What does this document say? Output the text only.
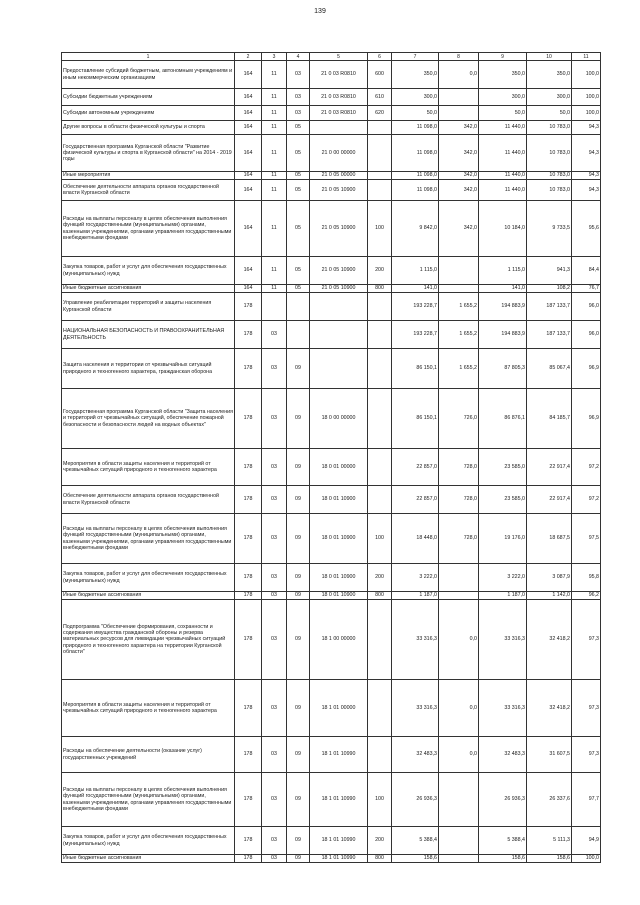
139
1	2	3	4	5	6	7	8	9	10	11
Предоставление субсидий бюджетным, автономным учреждениям и иным некоммерческим организациям	164	11	03	21 0 03 R0810	600	350,0	0,0	350,0	350,0	100,0
Субсидии бюджетным учреждениям	164	11	03	21 0 03 R0810	610	300,0		300,0	300,0	100,0
Субсидии автономным учреждениям	164	11	03	21 0 03 R0810	620	50,0		50,0	50,0	100,0
Другие вопросы в области физической культуры и спорта	164	11	05			11 098,0	342,0	11 440,0	10 783,0	94,3
Государственная программа Курганской области "Развитие физической культуры и спорта в Курганской области" на 2014 - 2019 годы	164	11	05	21 0 00 00000		11 098,0	342,0	11 440,0	10 783,0	94,3
Иные мероприятия	164	11	05	21 0 05 00000		11 098,0	342,0	11 440,0	10 783,0	94,3
Обеспечение деятельности аппарата органов государственной власти Курганской области	164	11	05	21 0 05 10900		11 098,0	342,0	11 440,0	10 783,0	94,3
Расходы на выплаты персоналу в целях обеспечения выполнения функций государственными (муниципальными) органами, казенными учреждениями, органами управления государственными внебюджетными фондами	164	11	05	21 0 05 10900	100	9 842,0	342,0	10 184,0	9 733,5	95,6
Закупка товаров, работ и услуг для обеспечения государственных (муниципальных) нужд	164	11	05	21 0 05 10900	200	1 115,0		1 115,0	941,3	84,4
Иные бюджетные ассигнования	164	11	05	21 0 05 10900	800	141,0		141,0	108,2	76,7
Управление реабилитации территорий и защиты населения Курганской области	178					193 228,7	1 655,2	194 883,9	187 133,7	96,0
НАЦИОНАЛЬНАЯ БЕЗОПАСНОСТЬ И ПРАВООХРАНИТЕЛЬНАЯ ДЕЯТЕЛЬНОСТЬ	178	03				193 228,7	1 655,2	194 883,9	187 133,7	96,0
Защита населения и территории от чрезвычайных ситуаций природного и техногенного характера, гражданская оборона	178	03	09			86 150,1	1 655,2	87 805,3	85 067,4	96,9
Государственная программа Курганской области "Защита населения и территорий от чрезвычайных ситуаций, обеспечение пожарной безопасности и безопасности людей на водных объектах"	178	03	09	18 0 00 00000		86 150,1	726,0	86 876,1	84 185,7	96,9
Мероприятия в области защиты населения и территорий от чрезвычайных ситуаций природного и техногенного характера	178	03	09	18 0 01 00000		22 857,0	728,0	23 585,0	22 917,4	97,2
Обеспечение деятельности аппарата органов государственной власти Курганской области	178	03	09	18 0 01 10900		22 857,0	728,0	23 585,0	22 917,4	97,2
Расходы на выплаты персоналу в целях обеспечения выполнения функций государственными (муниципальными) органами, казенными учреждениями, органами управления государственными внебюджетными фондами	178	03	09	18 0 01 10900	100	18 448,0	728,0	19 176,0	18 687,5	97,5
Закупка товаров, работ и услуг для обеспечения государственных (муниципальных) нужд	178	03	09	18 0 01 10900	200	3 222,0		3 222,0	3 087,9	95,8
Иные бюджетные ассигнования	178	03	09	18 0 01 10900	800	1 187,0		1 187,0	1 142,0	96,2
Подпрограмма "Обеспечение формирования, сохранности и содержания имущества гражданской обороны и резерва материальных ресурсов для ликвидации чрезвычайных ситуаций природного и техногенного характера на территории Курганской области"	178	03	09	18 1 00 00000		33 316,3	0,0	33 316,3	32 418,2	97,3
Мероприятия в области защиты населения и территорий от чрезвычайных ситуаций природного и техногенного характера	178	03	09	18 1 01 00000		33 316,3	0,0	33 316,3	32 418,2	97,3
Расходы на обеспечение деятельности (оказание услуг) государственных учреждений	178	03	09	18 1 01 10990		32 483,3	0,0	32 483,3	31 607,5	97,3
Расходы на выплаты персоналу в целях обеспечения выполнения функций государственными (муниципальными) органами, казенными учреждениями, органами управления государственными внебюджетными фондами	178	03	09	18 1 01 10990	100	26 936,3		26 936,3	26 337,6	97,7
Закупка товаров, работ и услуг для обеспечения государственных (муниципальных) нужд	178	03	09	18 1 01 10990	200	5 388,4		5 388,4	5 111,3	94,9
Иные бюджетные ассигнования	178	03	09	18 1 01 10990	800	158,6		158,6	158,6	100,0
